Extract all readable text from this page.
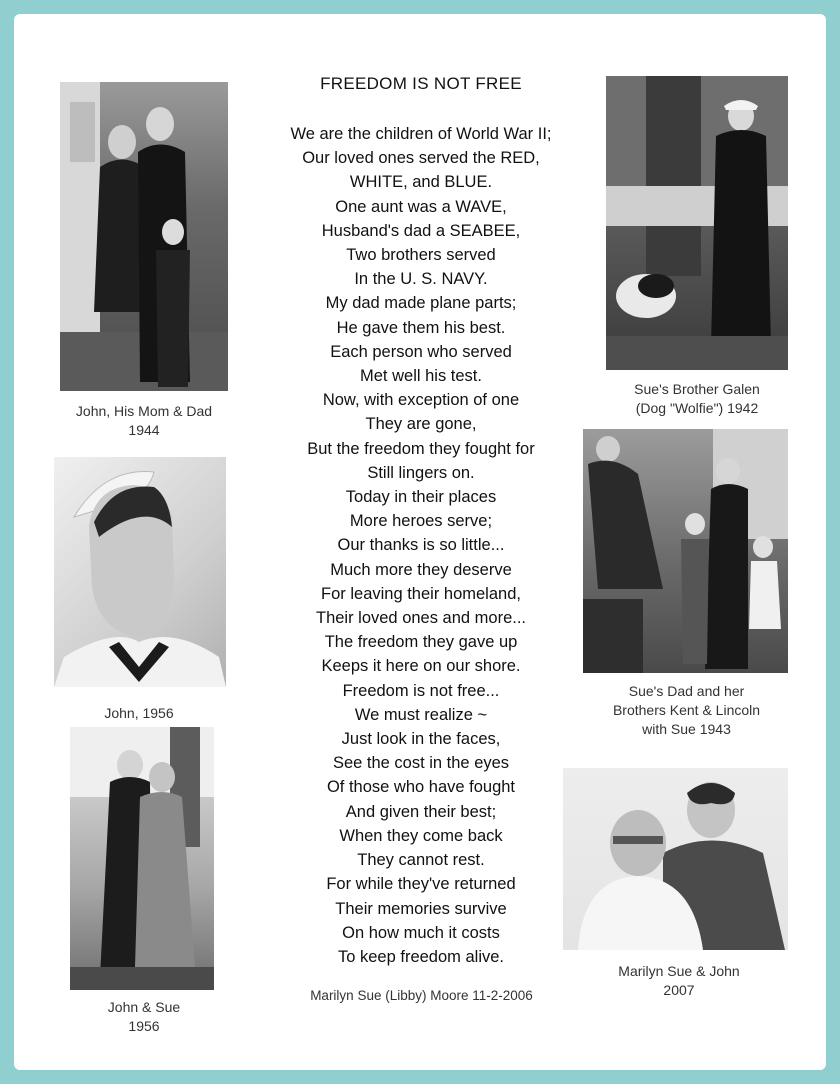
John, His Mom & Dad
1944
John, 1956
John & Sue
1956
FREEDOM IS NOT FREE
We are the children of World War II;
Our loved ones served the RED,
WHITE, and BLUE.
One aunt was a WAVE,
Husband's dad a SEABEE,
Two brothers served
In the U. S. NAVY.
My dad made plane parts;
He gave them his best.
Each person who served
Met well his test.
Now, with exception of one
They are gone,
But the freedom they fought for
Still lingers on.
Today in their places
More heroes serve;
Our thanks is so little...
Much more they deserve
For leaving their homeland,
Their loved ones and more...
The freedom they gave up
Keeps it here on our shore.
Freedom is not free...
We must realize ~
Just look in the faces,
See the cost in the eyes
Of those who have fought
And given their best;
When they come back
They cannot rest.
For while they've returned
Their memories survive
On how much it costs
To keep freedom alive.
Marilyn Sue (Libby) Moore 11-2-2006
Sue's Brother Galen
(Dog "Wolfie") 1942
Sue's Dad and her
Brothers Kent & Lincoln
with Sue 1943
Marilyn Sue & John
2007
